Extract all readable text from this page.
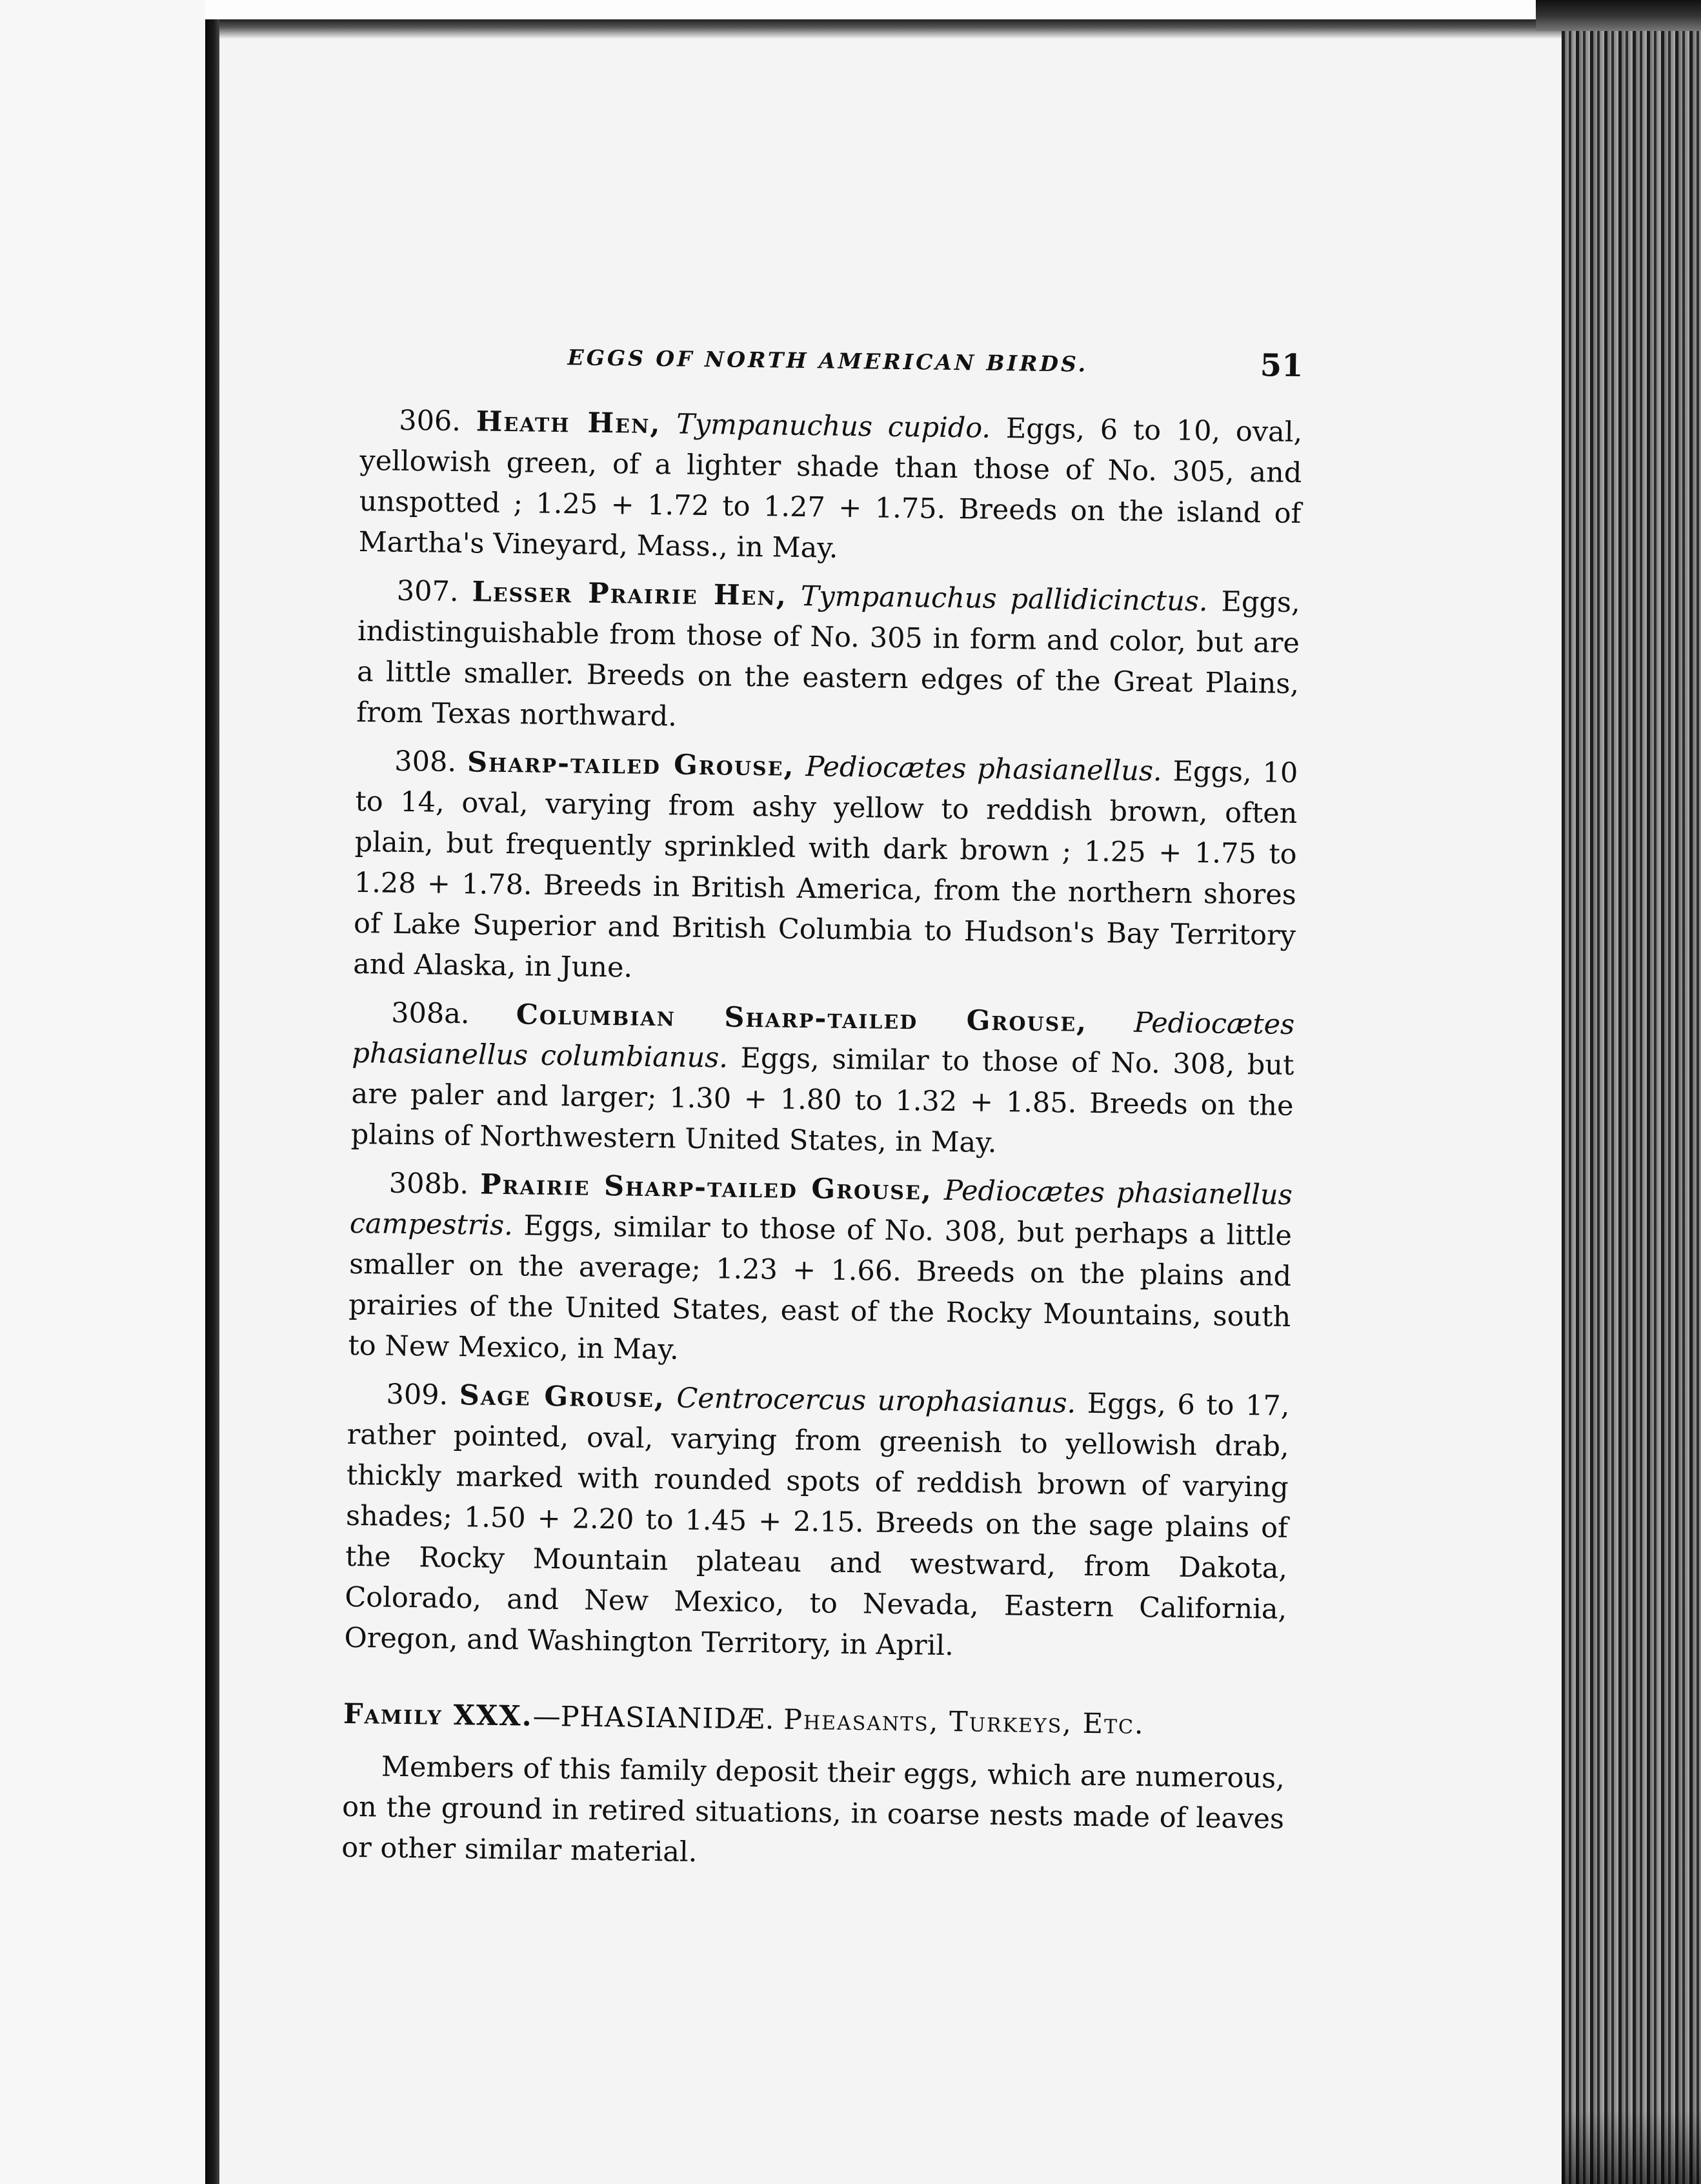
EGGS OF NORTH AMERICAN BIRDS.	51

306. Heath Hen, Tympanuchus cupido. Eggs, 6 to 10, oval, yellowish green, of a lighter shade than those of No. 305, and unspotted ; 1.25 + 1.72 to 1.27 + 1.75. Breeds on the island of Martha's Vineyard, Mass., in May.

307. Lesser Prairie Hen, Tympanuchus pallidicinctus. Eggs, indistinguishable from those of No. 305 in form and color, but are a little smaller. Breeds on the eastern edges of the Great Plains, from Texas northward.

308. Sharp-tailed Grouse, Pediocætes phasianellus. Eggs, 10 to 14, oval, varying from ashy yellow to reddish brown, often plain, but frequently sprinkled with dark brown ; 1.25 + 1.75 to 1.28 + 1.78. Breeds in British America, from the northern shores of Lake Superior and British Columbia to Hudson's Bay Territory and Alaska, in June.

308a. Columbian Sharp-tailed Grouse, Pediocætes phasianellus columbianus. Eggs, similar to those of No. 308, but are paler and larger; 1.30 + 1.80 to 1.32 + 1.85. Breeds on the plains of Northwestern United States, in May.

308b. Prairie Sharp-tailed Grouse, Pediocætes phasianellus campestris. Eggs, similar to those of No. 308, but perhaps a little smaller on the average; 1.23 + 1.66. Breeds on the plains and prairies of the United States, east of the Rocky Mountains, south to New Mexico, in May.

309. Sage Grouse, Centrocercus urophasianus. Eggs, 6 to 17, rather pointed, oval, varying from greenish to yellowish drab, thickly marked with rounded spots of reddish brown of varying shades; 1.50 + 2.20 to 1.45 + 2.15. Breeds on the sage plains of the Rocky Mountain plateau and westward, from Dakota, Colorado, and New Mexico, to Nevada, Eastern California, Oregon, and Washington Territory, in April.

Family XXX.—PHASIANIDÆ. Pheasants, Turkeys, Etc.

Members of this family deposit their eggs, which are numerous, on the ground in retired situations, in coarse nests made of leaves or other similar material.
